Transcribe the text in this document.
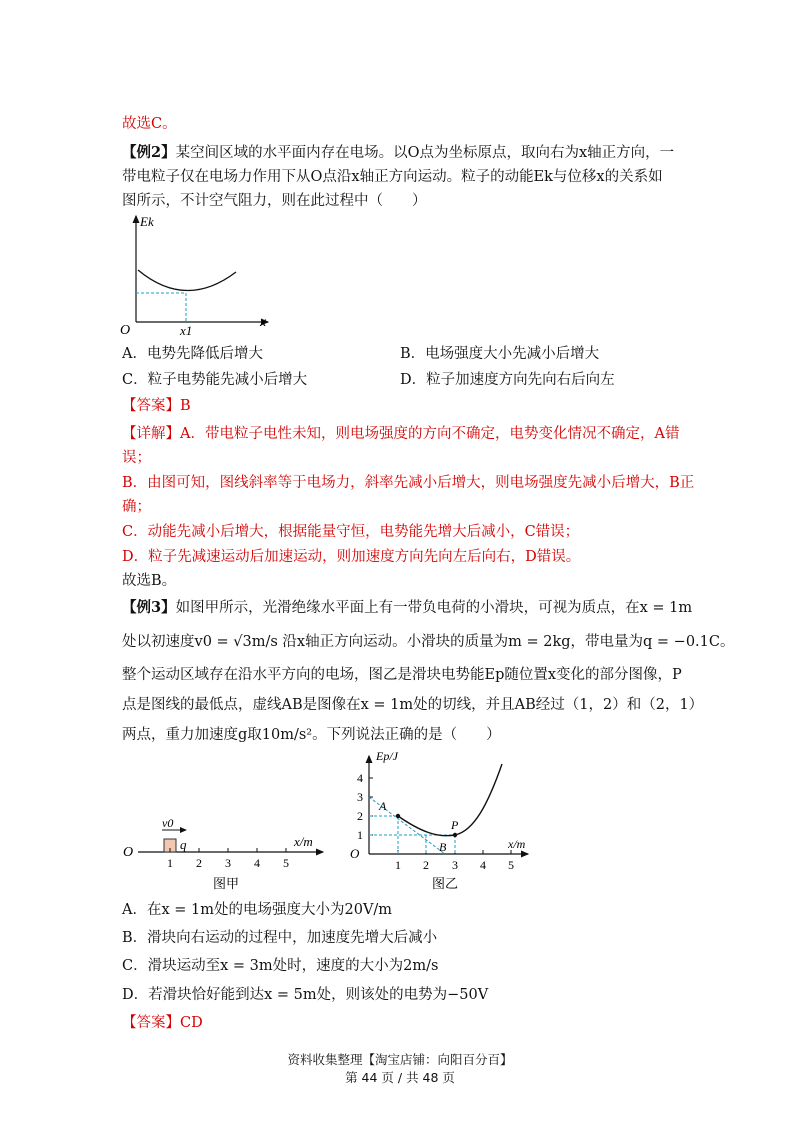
故选C。
【例2】某空间区域的水平面内存在电场。以O点为坐标原点，取向右为x轴正方向，一
带电粒子仅在电场力作用下从O点沿x轴正方向运动。粒子的动能Ek与位移x的关系如
图所示，不计空气阻力，则在此过程中（　　）
Ek
x
O	x1
A．电势先降低后增大	B．电场强度大小先减小后增大
C．粒子电势能先减小后增大	D．粒子加速度方向先向右后向左
【答案】B
【详解】A．带电粒子电性未知，则电场强度的方向不确定，电势变化情况不确定，A错
误；
B．由图可知，图线斜率等于电场力，斜率先减小后增大，则电场强度先减小后增大，B正
确；
C．动能先减小后增大，根据能量守恒，电势能先增大后减小，C错误；
D．粒子先减速运动后加速运动，则加速度方向先向左后向右，D错误。
故选B。
【例3】如图甲所示，光滑绝缘水平面上有一带负电荷的小滑块，可视为质点，在x = 1m
处以初速度v0 = √3m/s 沿x轴正方向运动。小滑块的质量为m = 2kg，带电量为q = −0.1C。
整个运动区域存在沿水平方向的电场，图乙是滑块电势能Ep随位置x变化的部分图像，P
点是图线的最低点，虚线AB是图像在x = 1m处的切线，并且AB经过（1，2）和（2，1）
两点，重力加速度g取10m/s²。下列说法正确的是（　　）
v0
q
O
x/m
1 2 3 4 5
图甲
Ep/J
x/m
O
A
B
P
1 2 3 4 5
1
2
3
4
图乙
A．在x = 1m处的电场强度大小为20V/m
B．滑块向右运动的过程中，加速度先增大后减小
C．滑块运动至x = 3m处时，速度的大小为2m/s
D．若滑块恰好能到达x = 5m处，则该处的电势为−50V
【答案】CD
资料收集整理【淘宝店铺：向阳百分百】
第 44 页 / 共 48 页
